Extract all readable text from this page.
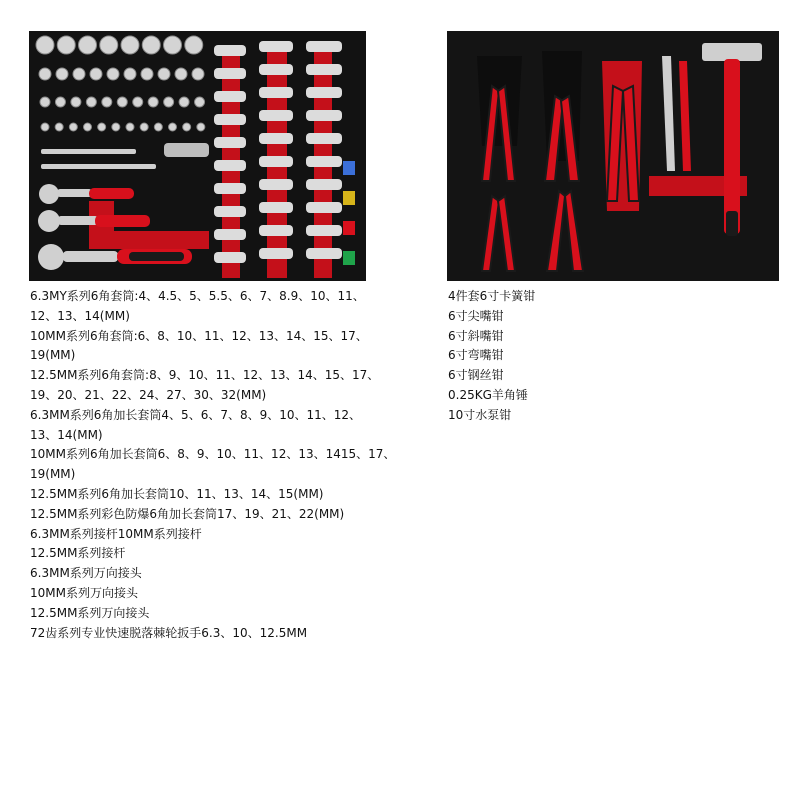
6.3MY系列6角套筒:4、4.5、5、5.5、6、7、8.9、10、11、
12、13、14(MM)
10MM系列6角套筒:6、8、10、11、12、13、14、15、17、
19(MM)
12.5MM系列6角套筒:8、9、10、11、12、13、14、15、17、
19、20、21、22、24、27、30、32(MM)
6.3MM系列6角加长套筒4、5、6、7、8、9、10、11、12、
13、14(MM)
10MM系列6角加长套筒6、8、9、10、11、12、13、1415、17、19(MM)
12.5MM系列6角加长套筒10、11、13、14、15(MM)
12.5MM系列彩色防爆6角加长套筒17、19、21、22(MM)
6.3MM系列接杆10MM系列接杆
12.5MM系列接杆
6.3MM系列万向接头
10MM系列万向接头
12.5MM系列万向接头
72齿系列专业快速脱落棘轮扳手6.3、10、12.5MM
4件套6寸卡簧钳
6寸尖嘴钳
6寸斜嘴钳
6寸弯嘴钳
6寸钢丝钳
0.25KG羊角锤
10寸水泵钳
